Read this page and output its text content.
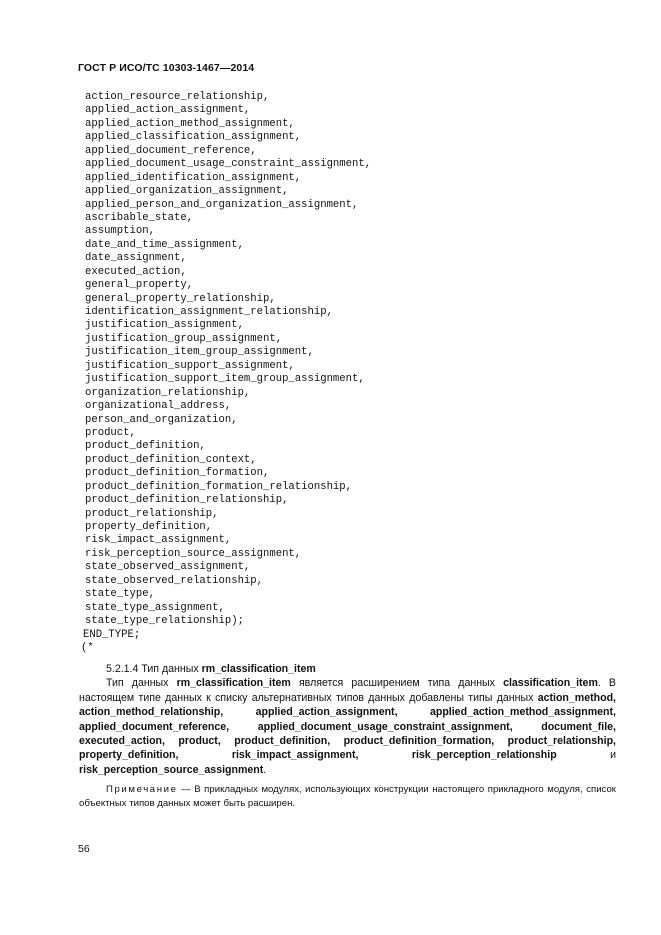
ГОСТ Р ИСО/ТС 10303-1467—2014
action_resource_relationship,
applied_action_assignment,
applied_action_method_assignment,
applied_classification_assignment,
applied_document_reference,
applied_document_usage_constraint_assignment,
applied_identification_assignment,
applied_organization_assignment,
applied_person_and_organization_assignment,
ascribable_state,
assumption,
date_and_time_assignment,
date_assignment,
executed_action,
general_property,
general_property_relationship,
identification_assignment_relationship,
justification_assignment,
justification_group_assignment,
justification_item_group_assignment,
justification_support_assignment,
justification_support_item_group_assignment,
organization_relationship,
organizational_address,
person_and_organization,
product,
product_definition,
product_definition_context,
product_definition_formation,
product_definition_formation_relationship,
product_definition_relationship,
product_relationship,
property_definition,
risk_impact_assignment,
risk_perception_source_assignment,
state_observed_assignment,
state_observed_relationship,
state_type,
state_type_assignment,
state_type_relationship);
END_TYPE;
(*
5.2.1.4 Тип данных rm_classification_item

Тип данных rm_classification_item является расширением типа данных classification_item. В настоящем типе данных к списку альтернативных типов данных добавлены типы данных action_method, action_method_relationship, applied_action_assignment, applied_action_method_assignment, applied_document_reference, applied_document_usage_constraint_assignment, document_file, executed_action, product, product_definition, product_definition_formation, product_relationship, property_definition, risk_impact_assignment, risk_perception_relationship и risk_perception_source_assignment.

Примечание — В прикладных модулях, использующих конструкции настоящего прикладного модуля, список объектных типов данных может быть расширен.

56
